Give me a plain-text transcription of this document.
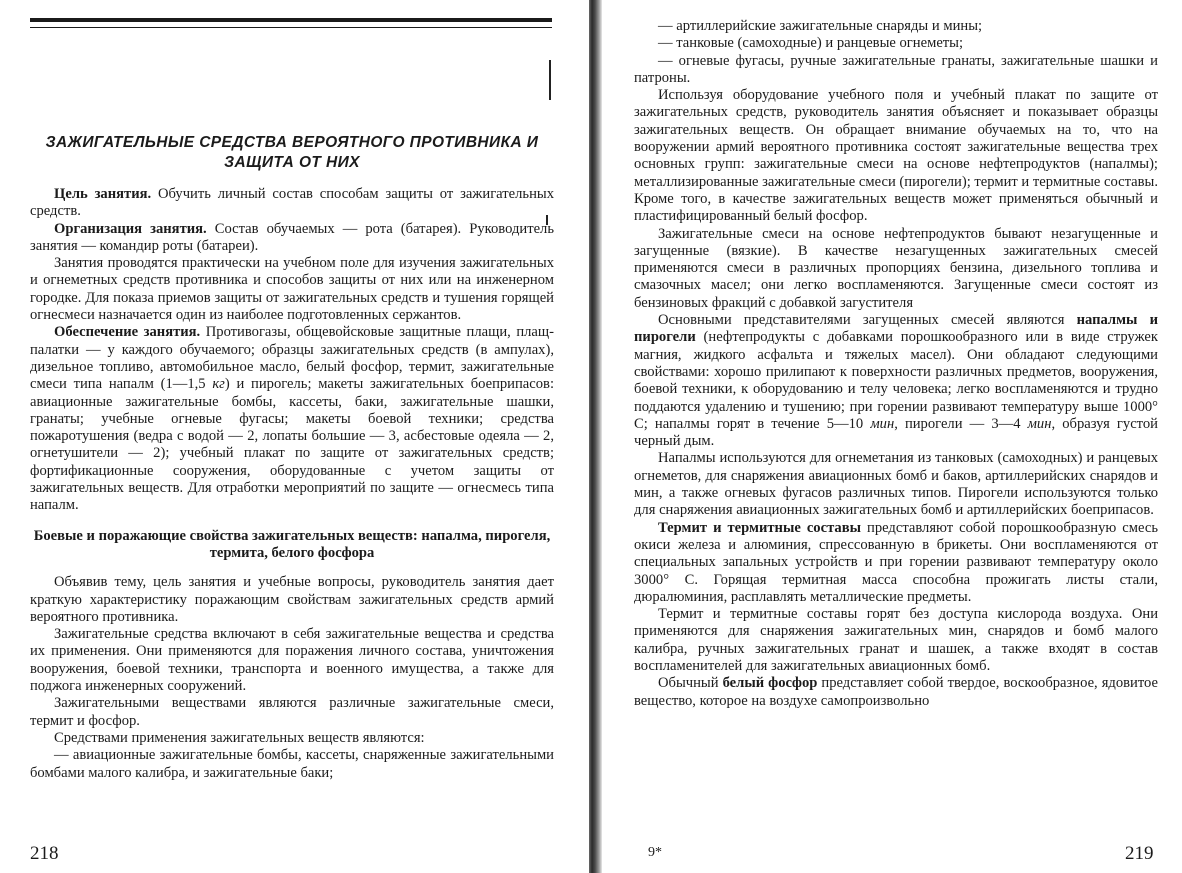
ЗАЖИГАТЕЛЬНЫЕ СРЕДСТВА ВЕРОЯТНОГО ПРОТИВНИКА И ЗАЩИТА ОТ НИХ

Цель занятия. Обучить личный состав способам защиты от зажигательных средств.

Организация занятия. Состав обучаемых — рота (батарея). Руководитель занятия — командир роты (батареи).

Занятия проводятся практически на учебном поле для изучения зажигательных и огнеметных средств противника и способов защиты от них или на инженерном городке. Для показа приемов защиты от зажигательных средств и тушения горящей огнесмеси назначается один из наиболее подготовленных сержантов.

Обеспечение занятия. Противогазы, общевойсковые защитные плащи, плащ-палатки — у каждого обучаемого; образцы зажигательных средств (в ампулах), дизельное топливо, автомобильное масло, белый фосфор, термит, зажигательные смеси типа напалм (1—1,5 кг) и пирогель; макеты зажигательных боеприпасов: авиационные зажигательные бомбы, кассеты, баки, зажигательные шашки, гранаты; учебные огневые фугасы; макеты боевой техники; средства пожаротушения (ведра с водой — 2, лопаты большие — 3, асбестовые одеяла — 2, огнетушители — 2); учебный плакат по защите от зажигательных средств; фортификационные сооружения, оборудованные с учетом защиты от зажигательных веществ. Для отработки мероприятий по защите — огнесмесь типа напалм.

Боевые и поражающие свойства зажигательных веществ: напалма, пирогеля, термита, белого фосфора

Объявив тему, цель занятия и учебные вопросы, руководитель занятия дает краткую характеристику поражающим свойствам зажигательных средств армий вероятного противника.

Зажигательные средства включают в себя зажигательные вещества и средства их применения. Они применяются для поражения личного состава, уничтожения вооружения, боевой техники, транспорта и военного имущества, а также для поджога инженерных сооружений.

Зажигательными веществами являются различные зажигательные смеси, термит и фосфор.

Средствами применения зажигательных веществ являются:

— авиационные зажигательные бомбы, кассеты, снаряженные зажигательными бомбами малого калибра, и зажигательные баки;

218

— артиллерийские зажигательные снаряды и мины;

— танковые (самоходные) и ранцевые огнеметы;

— огневые фугасы, ручные зажигательные гранаты, зажигательные шашки и патроны.

Используя оборудование учебного поля и учебный плакат по защите от зажигательных средств, руководитель занятия объясняет и показывает образцы зажигательных веществ. Он обращает внимание обучаемых на то, что на вооружении армий вероятного противника состоят зажигательные вещества трех основных групп: зажигательные смеси на основе нефтепродуктов (напалмы); металлизированные зажигательные смеси (пирогели); термит и термитные составы. Кроме того, в качестве зажигательных веществ может применяться обычный и пластифицированный белый фосфор.

Зажигательные смеси на основе нефтепродуктов бывают незагущенные и загущенные (вязкие). В качестве незагущенных зажигательных смесей применяются смеси в различных пропорциях бензина, дизельного топлива и смазочных масел; они легко воспламеняются. Загущенные смеси состоят из бензиновых фракций с добавкой загустителя

Основными представителями загущенных смесей являются напалмы и пирогели (нефтепродукты с добавками порошкообразного или в виде стружек магния, жидкого асфальта и тяжелых масел). Они обладают следующими свойствами: хорошо прилипают к поверхности различных предметов, вооружения, боевой техники, к оборудованию и телу человека; легко воспламеняются и трудно поддаются удалению и тушению; при горении развивают температуру выше 1000° С; напалмы горят в течение 5—10 мин, пирогели — 3—4 мин, образуя густой черный дым.

Напалмы используются для огнеметания из танковых (самоходных) и ранцевых огнеметов, для снаряжения авиационных бомб и баков, артиллерийских снарядов и мин, а также огневых фугасов различных типов. Пирогели используются только для снаряжения авиационных зажигательных бомб и артиллерийских боеприпасов.

Термит и термитные составы представляют собой порошкообразную смесь окиси железа и алюминия, спрессованную в брикеты. Они воспламеняются от специальных запальных устройств и при горении развивают температуру около 3000° С. Горящая термитная масса способна прожигать листы стали, дюралюминия, расплавлять металлические предметы.

Термит и термитные составы горят без доступа кислорода воздуха. Они применяются для снаряжения зажигательных мин, снарядов и бомб малого калибра, ручных зажигательных гранат и шашек, а также входят в состав воспламенителей для зажигательных авиационных бомб.

Обычный белый фосфор представляет собой твердое, воскообразное, ядовитое вещество, которое на воздухе самопроизвольно

9*	219
